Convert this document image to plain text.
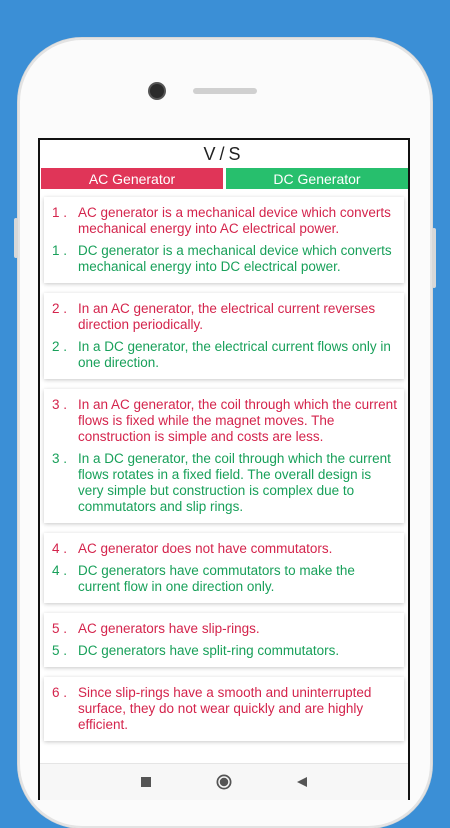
V/S
AC Generator	DC Generator
1 . AC generator is a mechanical device which converts mechanical energy into AC electrical power.
1 . DC generator is a mechanical device which converts mechanical energy into DC electrical power.
2 . In an AC generator, the electrical current reverses direction periodically.
2 . In a DC generator, the electrical current flows only in one direction.
3 . In an AC generator, the coil through which the current flows is fixed while the magnet moves. The construction is simple and costs are less.
3 . In a DC generator, the coil through which the current flows rotates in a fixed field. The overall design is very simple but construction is complex due to commutators and slip rings.
4 . AC generator does not have commutators.
4 . DC generators have commutators to make the current flow in one direction only.
5 . AC generators have slip-rings.
5 . DC generators have split-ring commutators.
6 . Since slip-rings have a smooth and uninterrupted surface, they do not wear quickly and are highly efficient.
